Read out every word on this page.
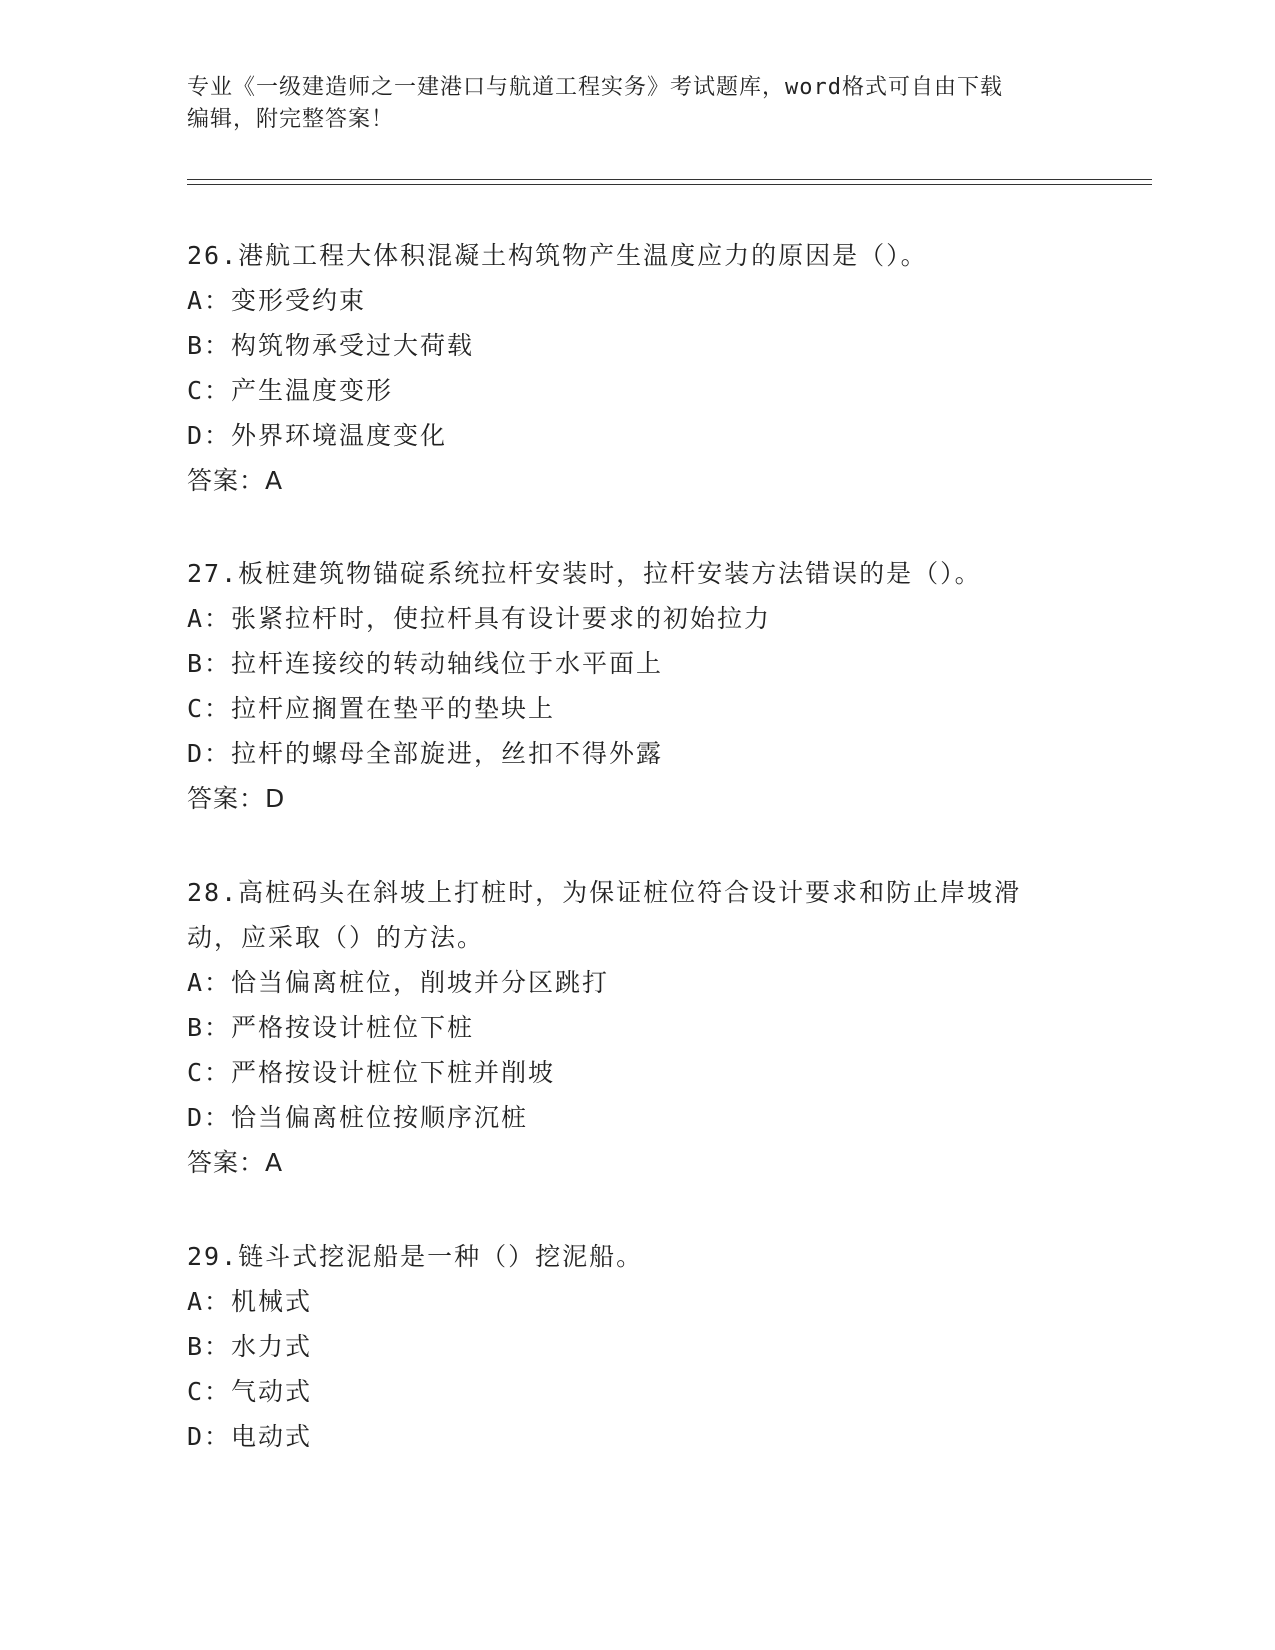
专业《一级建造师之一建港口与航道工程实务》考试题库，word格式可自由下载
编辑，附完整答案！
26.港航工程大体积混凝土构筑物产生温度应力的原因是（）。
A：变形受约束
B：构筑物承受过大荷载
C：产生温度变形
D：外界环境温度变化
答案：A
27.板桩建筑物锚碇系统拉杆安装时，拉杆安装方法错误的是（）。
A：张紧拉杆时，使拉杆具有设计要求的初始拉力
B：拉杆连接绞的转动轴线位于水平面上
C：拉杆应搁置在垫平的垫块上
D：拉杆的螺母全部旋进，丝扣不得外露
答案：D
28.高桩码头在斜坡上打桩时，为保证桩位符合设计要求和防止岸坡滑
动，应采取（）的方法。
A：恰当偏离桩位，削坡并分区跳打
B：严格按设计桩位下桩
C：严格按设计桩位下桩并削坡
D：恰当偏离桩位按顺序沉桩
答案：A
29.链斗式挖泥船是一种（）挖泥船。
A：机械式
B：水力式
C：气动式
D：电动式
